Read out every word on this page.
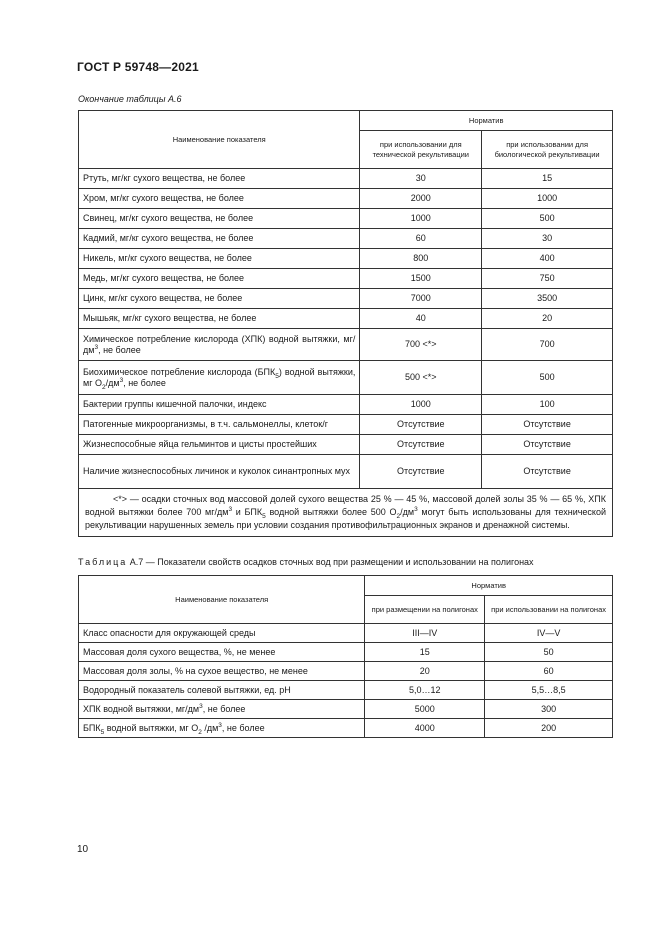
ГОСТ Р 59748—2021
Окончание таблицы А.6
Наименование показателя	Норматив	
	при использовании для технической рекультивации	при использовании для биологической рекультивации
Ртуть, мг/кг сухого вещества, не более	30	15
Хром, мг/кг сухого вещества, не более	2000	1000
Свинец, мг/кг сухого вещества, не более	1000	500
Кадмий, мг/кг сухого вещества, не более	60	30
Никель, мг/кг сухого вещества, не более	800	400
Медь, мг/кг сухого вещества, не более	1500	750
Цинк, мг/кг сухого вещества, не более	7000	3500
Мышьяк, мг/кг сухого вещества, не более	40	20
Химическое потребление кислорода (ХПК) водной вытяжки, $мг/дм^3$, не более	700 <*>	700
Биохимическое потребление кислорода $(БПК_5)$ водной вытяжки, мг $O_2/дм^3$, не более	500 <*>	500
Бактерии группы кишечной палочки, индекс	1000	100
Патогенные микроорганизмы, в т.ч. сальмонеллы, клеток/г	Отсутствие	Отсутствие
Жизнеспособные яйца гельминтов и цисты простейших	Отсутствие	Отсутствие
Наличие жизнеспособных личинок и куколок синантропных мух	Отсутствие	Отсутствие

<*> — осадки сточных вод массовой долей сухого вещества 25 % — 45 %, массовой долей золы 35 % — 65 %, ХПК водной вытяжки более 700 $мг/дм^3$ и $БПК_5$ водной вытяжки более 500 $O_2/дм^3$ могут быть использованы для технической рекультивации нарушенных земель при условии создания противофильтрационных экранов и дренажной системы.		

Таблица А.7 — Показатели свойств осадков сточных вод при размещении и использовании на полигонах
Наименование показателя	Норматив	
	при размещении на полигонах	при использовании на полигонах
Класс опасности для окружающей среды	III—IV	IV—V
Массовая доля сухого вещества, %, не менее	15	50
Массовая доля золы, % на сухое вещество, не менее	20	60
Водородный показатель солевой вытяжки, ед. pH	5,0…12	5,5…8,5
ХПК водной вытяжки, $мг/дм^3$, не более	5000	300
$БПК_5$ водной вытяжки, мг $O_2$ $/дм^3$, не более	4000	200
10
